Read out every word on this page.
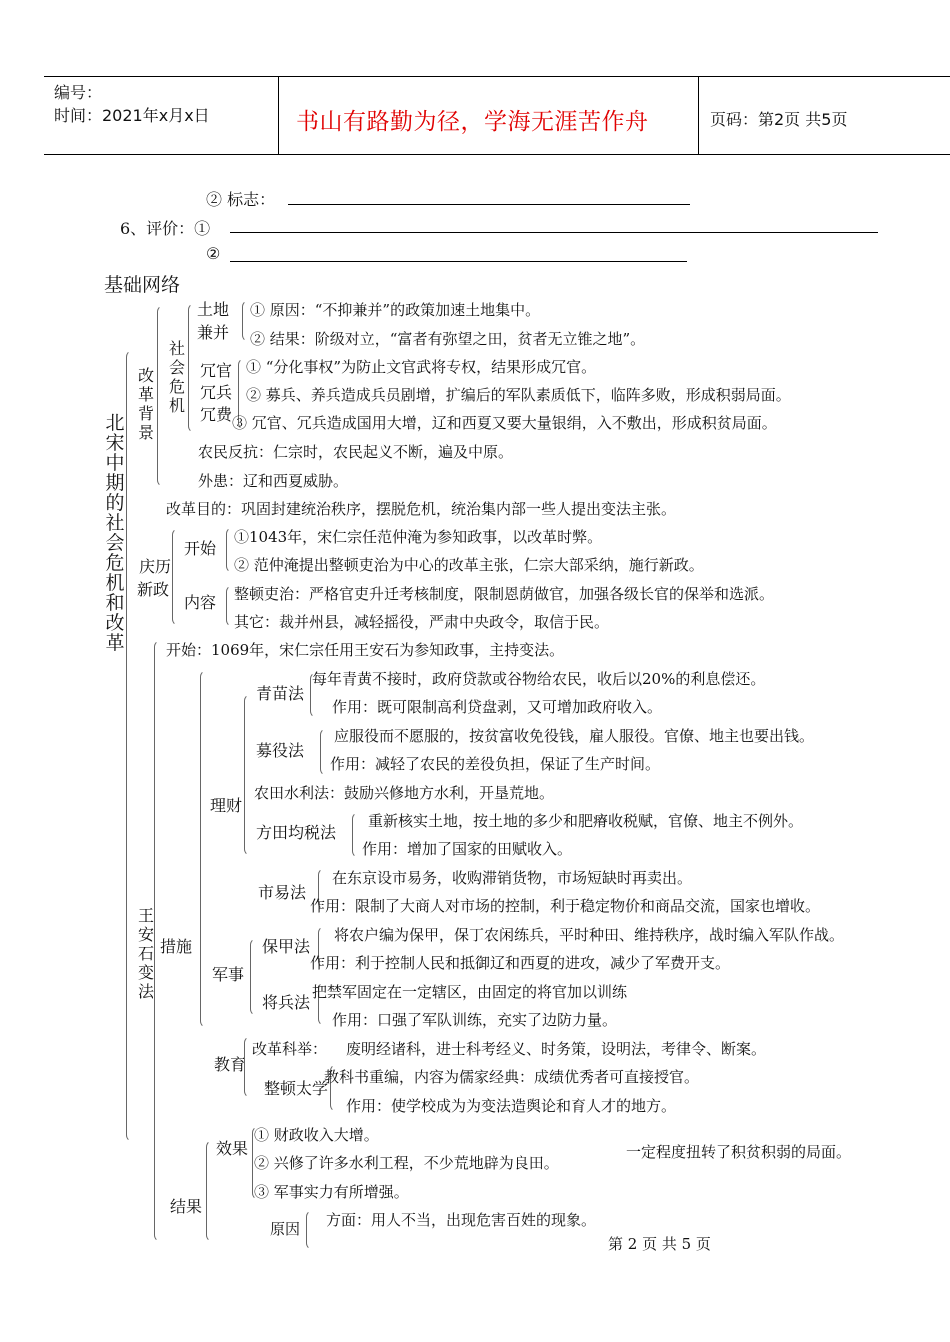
编号：
时间：2021年x月x日	书山有路勤为径，学海无涯苦作舟	页码：第2页 共5页
② 标志：
6、评价：①
②
基础网络
北宋中期的社会危机和改革
改革背景
社会危机
土地
兼并
① 原因：“不抑兼并”的政策加速土地集中。
② 结果：阶级对立，“富者有弥望之田，贫者无立锥之地”。
冗官
冗兵
冗费
① “分化事权”为防止文官武将专权，结果形成冗官。
② 募兵、养兵造成兵员剧增，扩编后的军队素质低下，临阵多败，形成积弱局面。
③ 冗官、冗兵造成国用大增，辽和西夏又要大量银绢，入不敷出，形成积贫局面。
农民反抗：仁宗时，农民起义不断，遍及中原。
外患：辽和西夏威胁。
改革目的：巩固封建统治秩序，摆脱危机，统治集内部一些人提出变法主张。
庆历
新政
开始
①1043年，宋仁宗任范仲淹为参知政事，以改革时弊。
② 范仲淹提出整顿吏治为中心的改革主张，仁宗大部采纳，施行新政。
内容 整顿吏治：严格官吏升迁考核制度，限制恩荫做官，加强各级长官的保举和选派。
其它：裁并州县，减轻摇役，严肃中央政令，取信于民。
开始：1069年，宋仁宗任用王安石为参知政事，主持变法。
王安石变法
措施
理财
青苗法
每年青黄不接时，政府贷款或谷物给农民，收后以20%的利息偿还。
作用：既可限制高利贷盘剥，又可增加政府收入。
募役法
应服役而不愿服的，按贫富收免役钱，雇人服役。官僚、地主也要出钱。
作用：减轻了农民的差役负担，保证了生产时间。
农田水利法：鼓励兴修地方水利，开垦荒地。
方田均税法
重新核实土地，按土地的多少和肥瘠收税赋，官僚、地主不例外。
作用：增加了国家的田赋收入。
市易法
在东京设市易务，收购滞销货物，市场短缺时再卖出。
作用：限制了大商人对市场的控制，利于稳定物价和商品交流，国家也增收。
军事
保甲法
将农户编为保甲，保丁农闲练兵，平时种田、维持秩序，战时编入军队作战。
作用：利于控制人民和抵御辽和西夏的进攻，减少了军费开支。
将兵法
把禁军固定在一定辖区，由固定的将官加以训练
作用：口强了军队训练，充实了边防力量。
教育
改革科举： 废明经诸科，进士科考经义、时务策，设明法，考律令、断案。
整顿太学
教科书重编，内容为儒家经典：成绩优秀者可直接授官。
作用：使学校成为为变法造舆论和育人才的地方。
结果
效果
① 财政收入大增。
② 兴修了许多水利工程，不少荒地辟为良田。
③ 军事实力有所增强。
一定程度扭转了积贫积弱的局面。
原因 方面：用人不当，出现危害百姓的现象。
第 2 页 共 5 页
